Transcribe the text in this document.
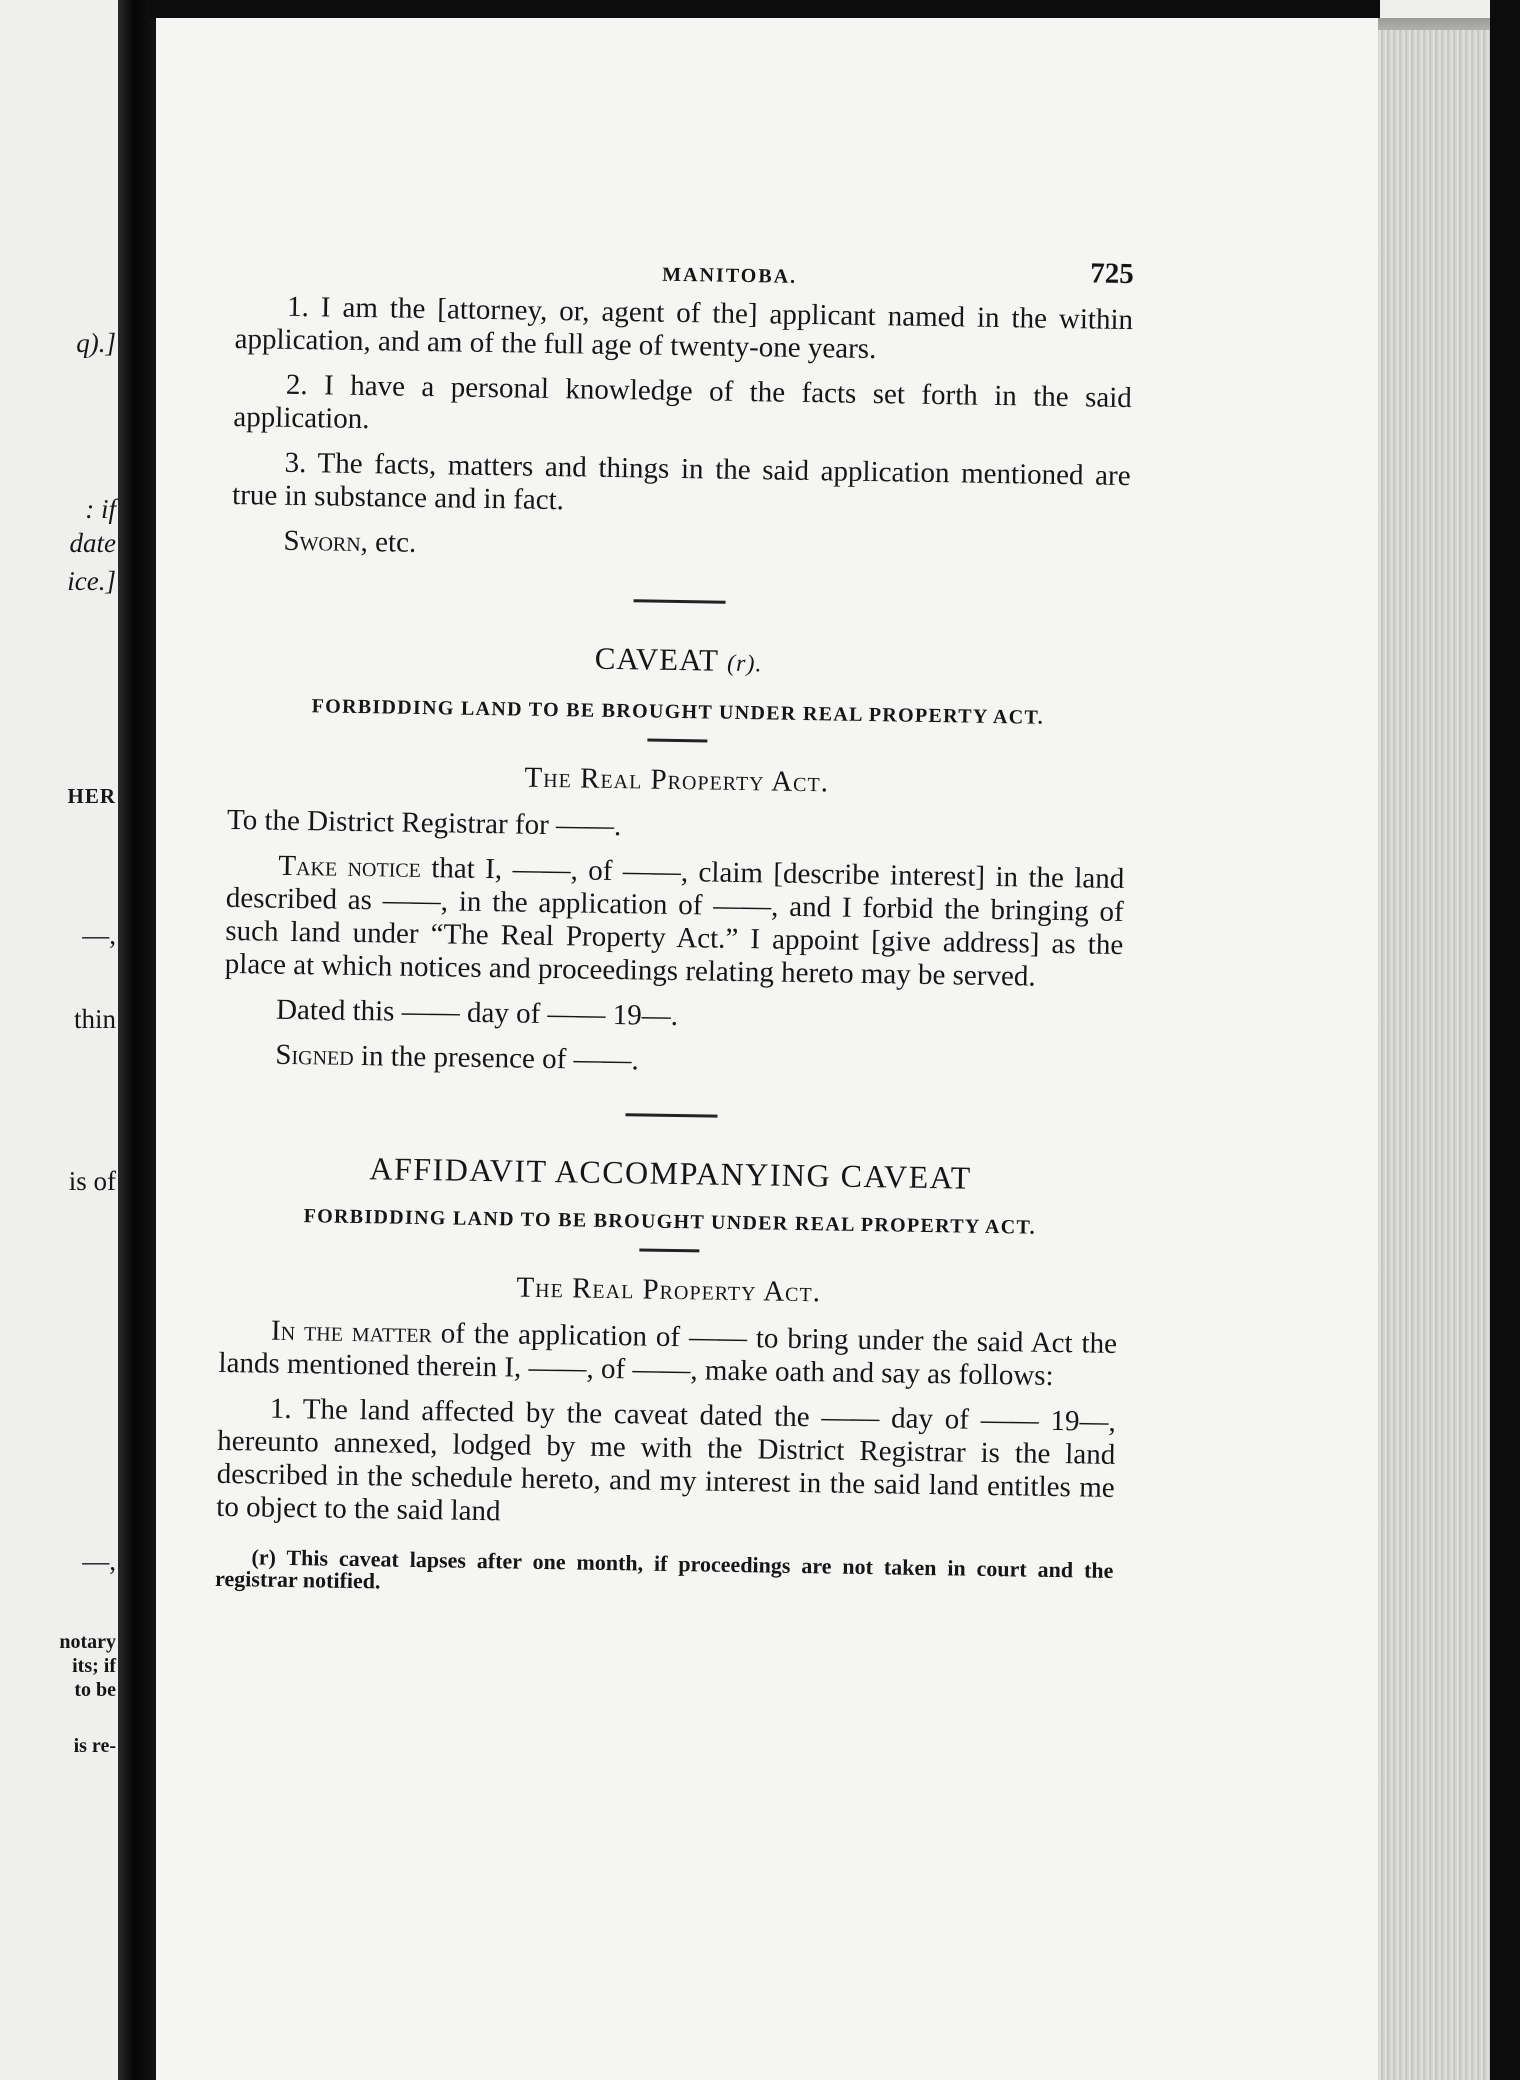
q).]
: if
date
ice.]
HER
—,
thin
is of
—,
notary
its; if
to be
is re-
MANITOBA.	725

1. I am the [attorney, or, agent of the] applicant named in the within application, and am of the full age of twenty-one years.

2. I have a personal knowledge of the facts set forth in the said application.

3. The facts, matters and things in the said application mentioned are true in substance and in fact.

Sworn, etc.

CAVEAT (r).
FORBIDDING LAND TO BE BROUGHT UNDER REAL PROPERTY ACT.
The Real Property Act.

To the District Registrar for ——.

Take notice that I, ——, of ——, claim [describe interest] in the land described as ——, in the application of ——, and I forbid the bringing of such land under “The Real Property Act.” I appoint [give address] as the place at which notices and proceedings relating hereto may be served.

Dated this —— day of —— 19—.

Signed in the presence of ——.

AFFIDAVIT ACCOMPANYING CAVEAT
FORBIDDING LAND TO BE BROUGHT UNDER REAL PROPERTY ACT.
The Real Property Act.

In the matter of the application of —— to bring under the said Act the lands mentioned therein I, ——, of ——, make oath and say as follows:

1. The land affected by the caveat dated the —— day of —— 19—, hereunto annexed, lodged by me with the District Registrar is the land described in the schedule hereto, and my interest in the said land entitles me to object to the said land

(r) This caveat lapses after one month, if proceedings are not taken in court and the registrar notified.
